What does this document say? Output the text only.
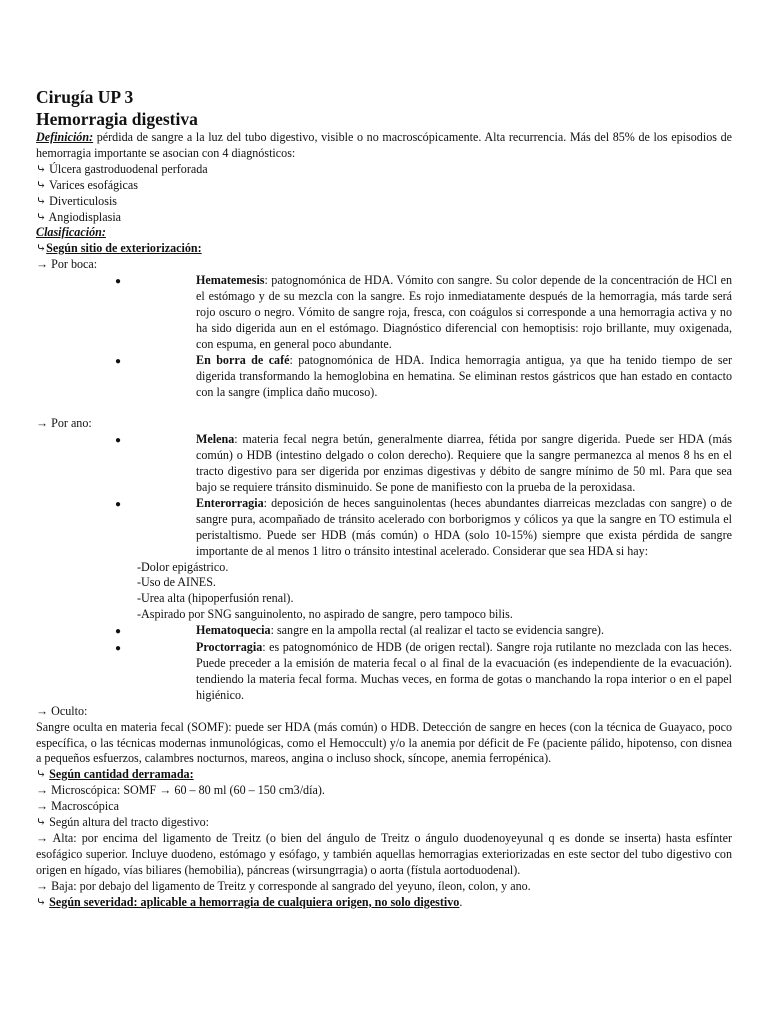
Cirugía UP 3
Hemorragia digestiva

Definición: pérdida de sangre a la luz del tubo digestivo, visible o no macroscópicamente. Alta recurrencia. Más del 85% de los episodios de hemorragia importante se asocian con 4 diagnósticos:

⤷ Úlcera gastroduodenal perforada

⤷ Varices esofágicas

⤷ Diverticulosis

⤷ Angiodisplasia

Clasificación:

⤷Según sitio de exteriorización:

→ Por boca:

●
Hematemesis: patognomónica de HDA. Vómito con sangre. Su color depende de la concentración de HCl en el estómago y de su mezcla con la sangre. Es rojo inmediatamente después de la hemorragia, más tarde será rojo oscuro o negro. Vómito de sangre roja, fresca, con coágulos si corresponde a una hemorragia activa y no ha sido digerida aun en el estómago. Diagnóstico diferencial con hemoptisis: rojo brillante, muy oxigenada, con espuma, en general poco abundante.
●
En borra de café: patognomónica de HDA. Indica hemorragia antigua, ya que ha tenido tiempo de ser digerida transformando la hemoglobina en hematina. Se eliminan restos gástricos que han estado en contacto con la sangre (implica daño mucoso).

→ Por ano:

●
Melena: materia fecal negra betún, generalmente diarrea, fétida por sangre digerida. Puede ser HDA (más común) o HDB (intestino delgado o colon derecho). Requiere que la sangre permanezca al menos 8 hs en el tracto digestivo para ser digerida por enzimas digestivas y débito de sangre mínimo de 50 ml. Para que sea bajo se requiere tránsito disminuido. Se pone de manifiesto con la prueba de la peroxidasa.
●
Enterorragia: deposición de heces sanguinolentas (heces abundantes diarreicas mezcladas con sangre) o de sangre pura, acompañado de tránsito acelerado con borborigmos y cólicos ya que la sangre en TO estimula el peristaltismo. Puede ser HDB (más común) o HDA (solo 10-15%) siempre que exista pérdida de sangre importante de al menos 1 litro o tránsito intestinal acelerado. Considerar que sea HDA si hay:

-Dolor epigástrico.

-Uso de AINES.

-Urea alta (hipoperfusión renal).

-Aspirado por SNG sanguinolento, no aspirado de sangre, pero tampoco bilis.

●
Hematoquecia: sangre en la ampolla rectal (al realizar el tacto se evidencia sangre).
●
Proctorragia: es patognomónico de HDB (de origen rectal). Sangre roja rutilante no mezclada con las heces. Puede preceder a la emisión de materia fecal o al final de la evacuación (es independiente de la evacuación). tendiendo la materia fecal forma. Muchas veces, en forma de gotas o manchando la ropa interior o en el papel higiénico.

→ Oculto:

Sangre oculta en materia fecal (SOMF): puede ser HDA (más común) o HDB. Detección de sangre en heces (con la técnica de Guayaco, poco específica, o las técnicas modernas inmunológicas, como el Hemoccult) y/o la anemia por déficit de Fe (paciente pálido, hipotenso, con disnea a pequeños esfuerzos, calambres nocturnos, mareos, angina o incluso shock, síncope, anemia ferropénica).

⤷ Según cantidad derramada:

→ Microscópica: SOMF → 60 – 80 ml (60 – 150 cm3/día).

→ Macroscópica

⤷ Según altura del tracto digestivo:

→ Alta: por encima del ligamento de Treitz (o bien del ángulo de Treitz o ángulo duodenoyeyunal q es donde se inserta) hasta esfínter esofágico superior. Incluye duodeno, estómago y esófago, y también aquellas hemorragias exteriorizadas en este sector del tubo digestivo con origen en hígado, vías biliares (hemobilia), páncreas (wirsungrragia) o aorta (fístula aortoduodenal).

→ Baja: por debajo del ligamento de Treitz y corresponde al sangrado del yeyuno, íleon, colon, y ano.

⤷ Según severidad: aplicable a hemorragia de cualquiera origen, no solo digestivo.
